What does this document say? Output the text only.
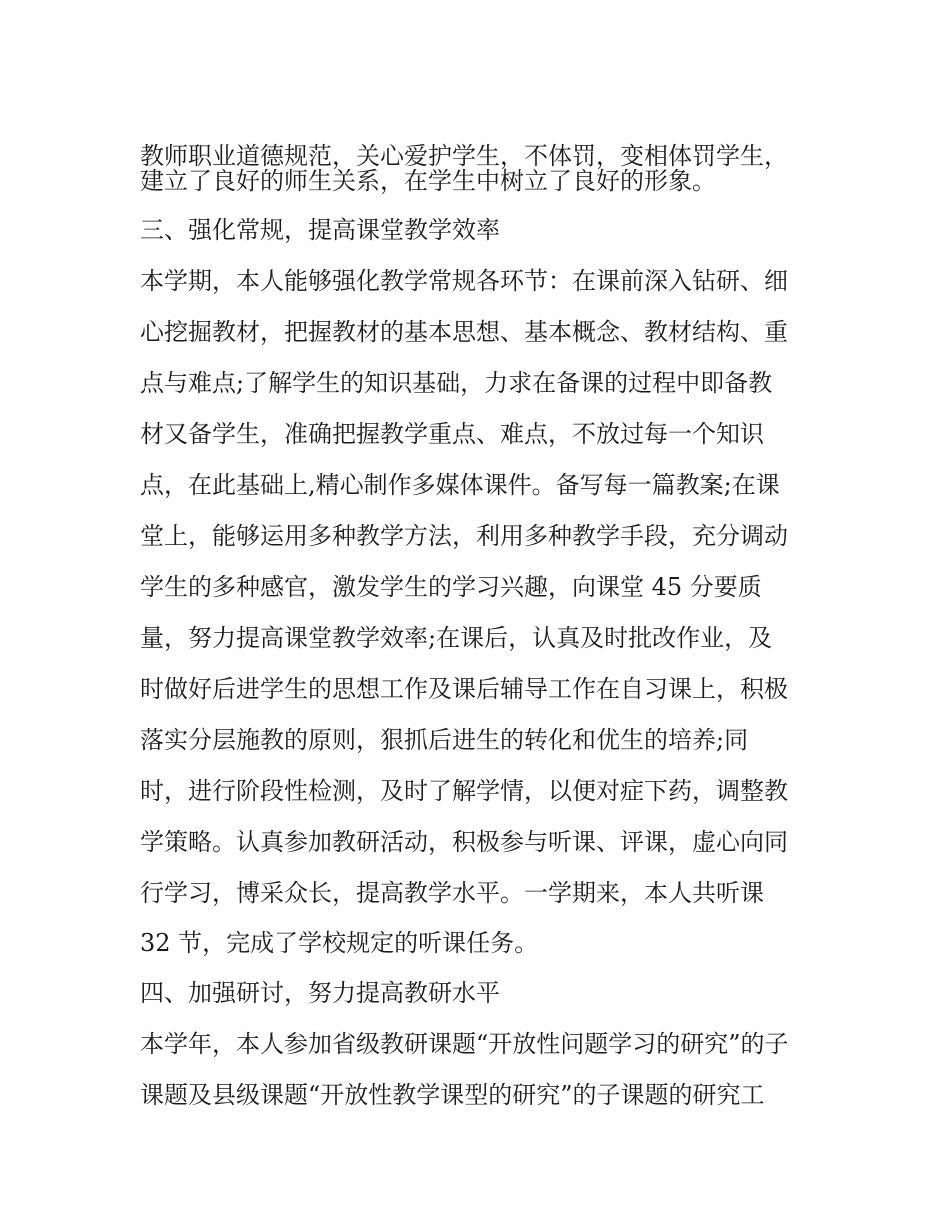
教师职业道德规范，关心爱护学生，不体罚，变相体罚学生，
建立了良好的师生关系，在学生中树立了良好的形象。
三、强化常规，提高课堂教学效率
本学期，本人能够强化教学常规各环节：在课前深入钻研、细
心挖掘教材，把握教材的基本思想、基本概念、教材结构、重
点与难点;了解学生的知识基础，力求在备课的过程中即备教
材又备学生，准确把握教学重点、难点，不放过每一个知识
点，在此基础上,精心制作多媒体课件。备写每一篇教案;在课
堂上，能够运用多种教学方法，利用多种教学手段，充分调动
学生的多种感官，激发学生的学习兴趣，向课堂 45 分要质
量，努力提高课堂教学效率;在课后，认真及时批改作业，及
时做好后进学生的思想工作及课后辅导工作在自习课上，积极
落实分层施教的原则，狠抓后进生的转化和优生的培养;同
时，进行阶段性检测，及时了解学情，以便对症下药，调整教
学策略。认真参加教研活动，积极参与听课、评课，虚心向同
行学习，博采众长，提高教学水平。一学期来，本人共听课
32 节，完成了学校规定的听课任务。
四、加强研讨，努力提高教研水平
本学年，本人参加省级教研课题“开放性问题学习的研究”的子
课题及县级课题“开放性教学课型的研究”的子课题的研究工
